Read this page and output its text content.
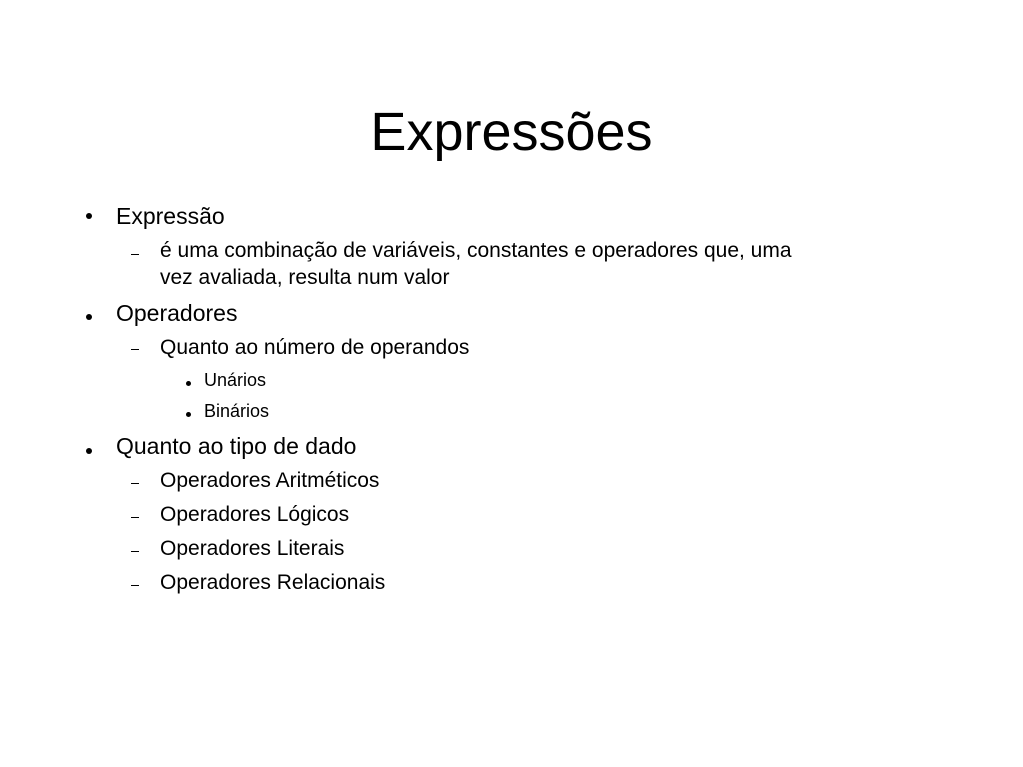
Expressões
Expressão
é uma combinação de variáveis, constantes e operadores que, uma
vez avaliada, resulta num valor
Operadores
Quanto ao número de operandos
Unários
Binários
Quanto ao tipo de dado
Operadores Aritméticos
Operadores Lógicos
Operadores Literais
Operadores Relacionais
